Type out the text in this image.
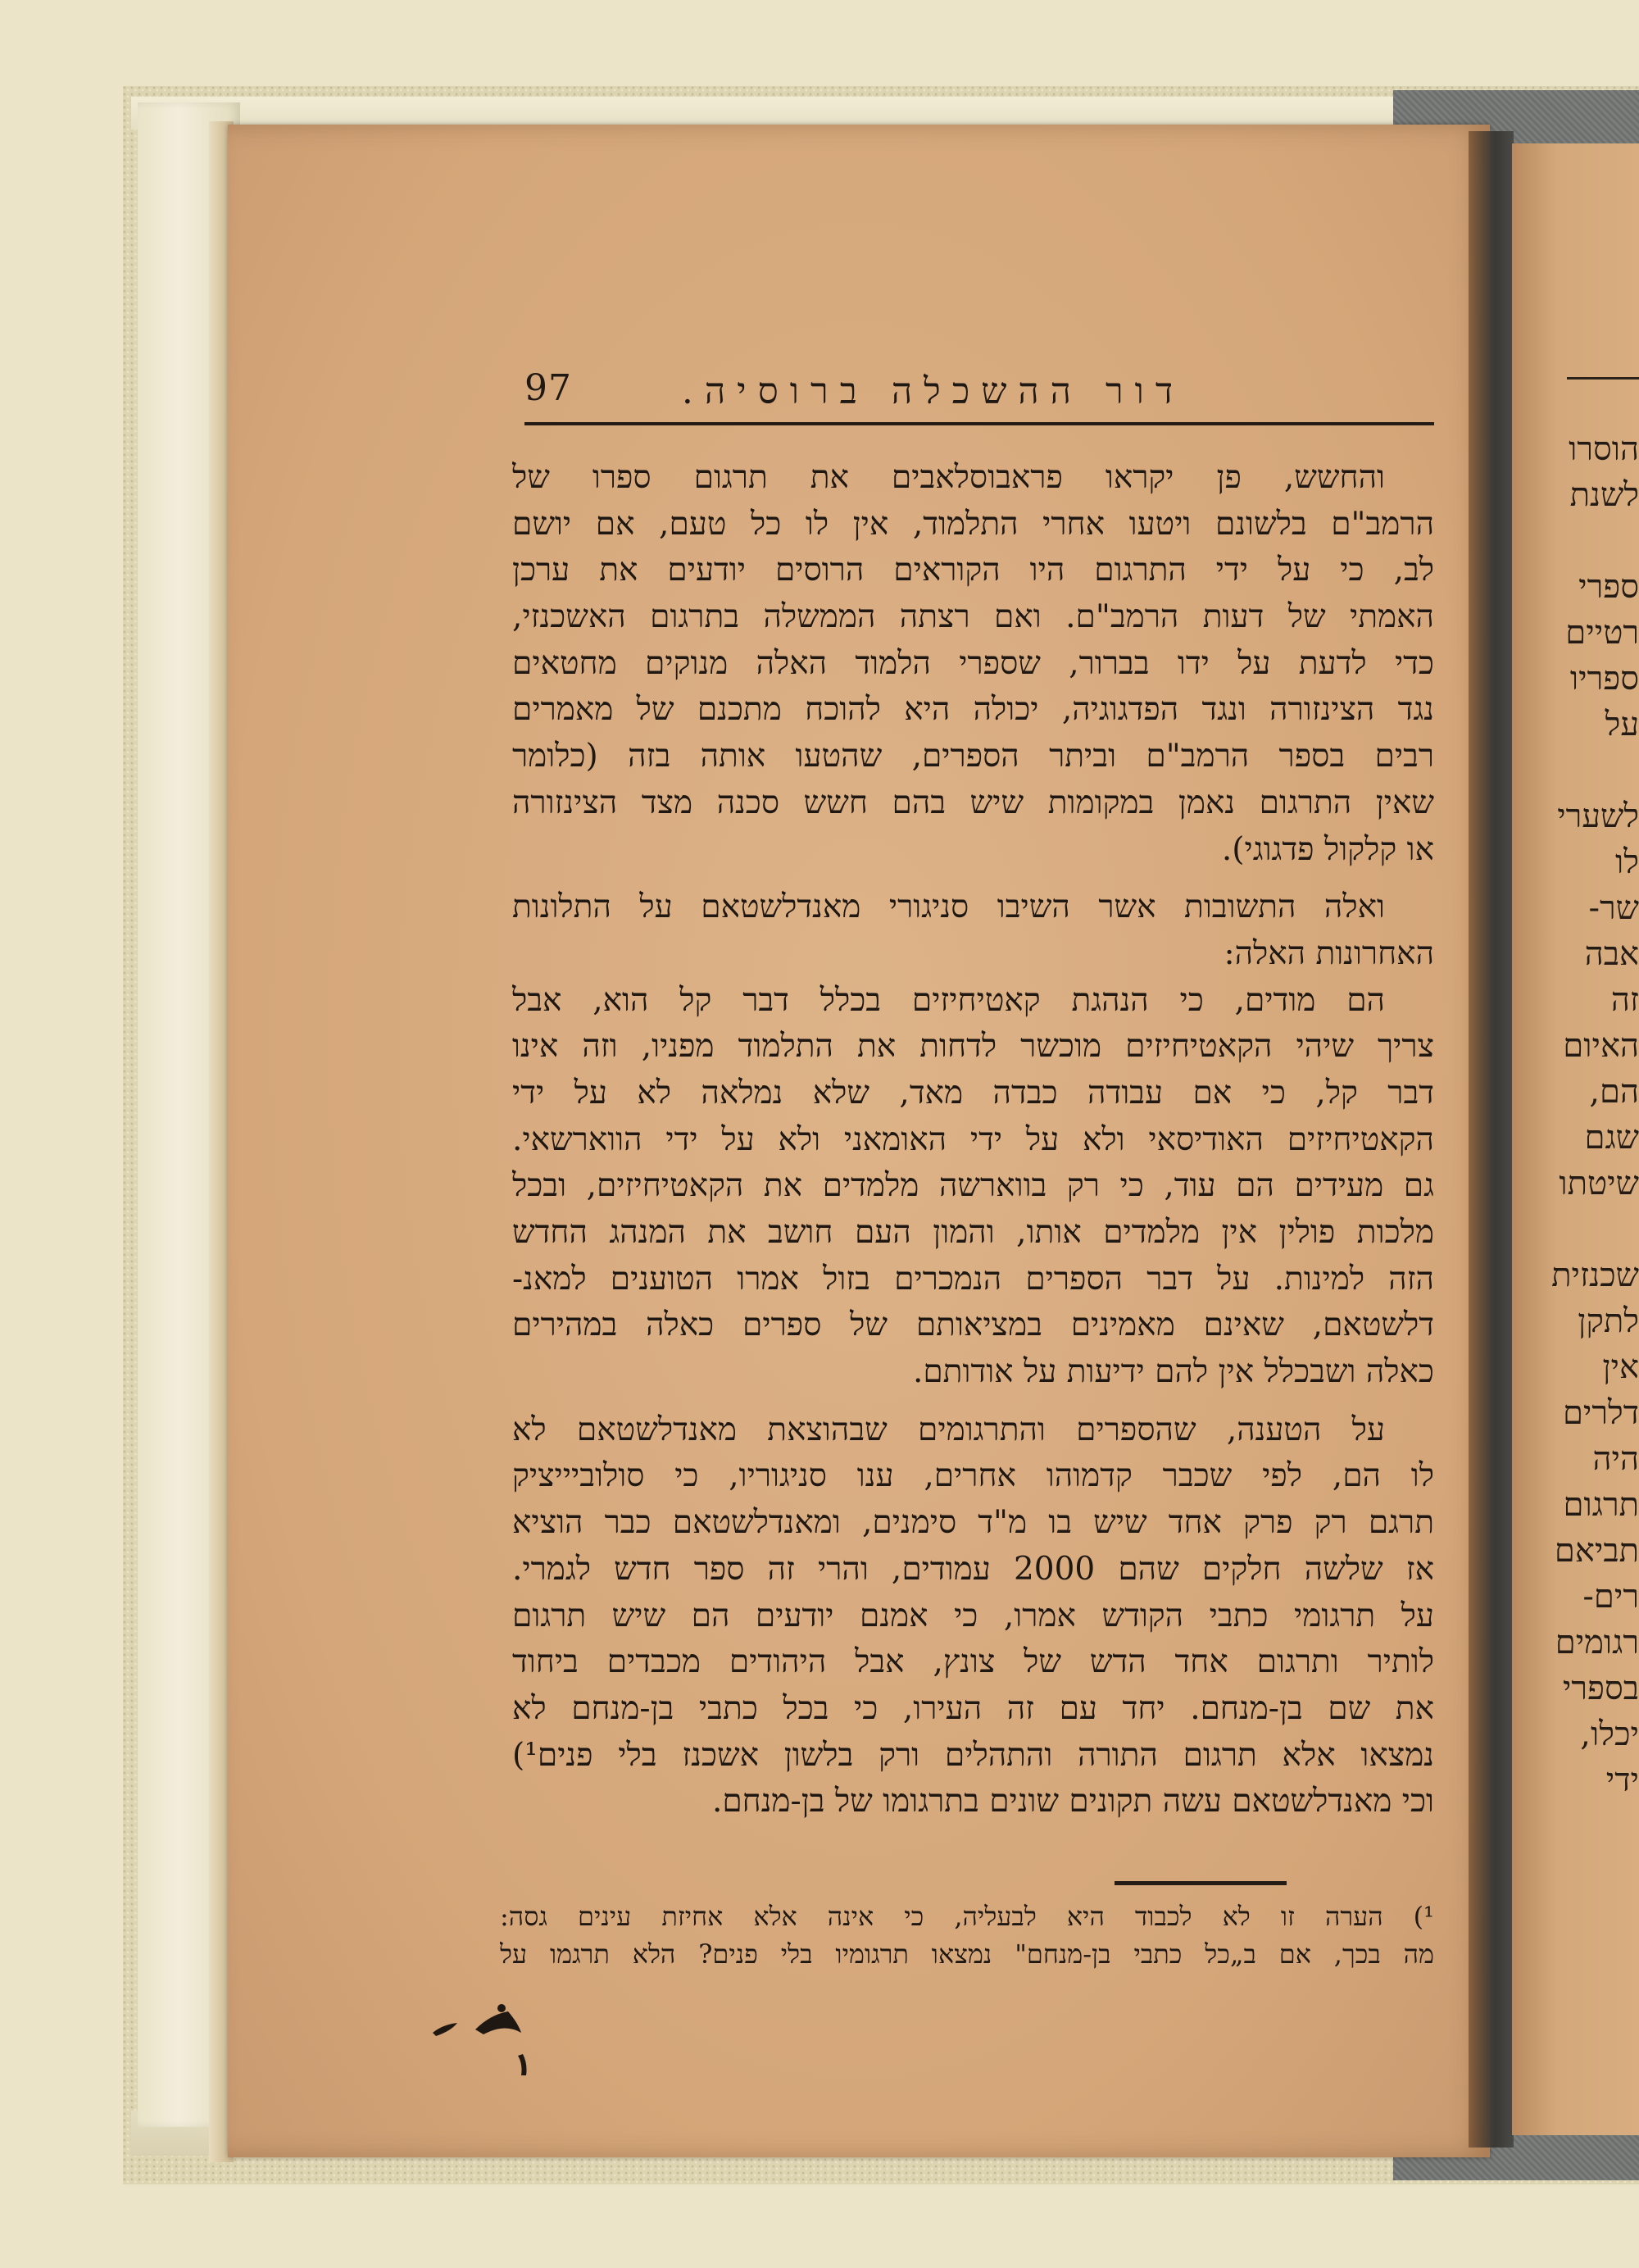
הוסרו
לשנת
ספרי
רטיים
ספריו
על
לשערי
לו
שר-
אבה
זה
האיום
הם,
שגם
שיטתו
שכנזית
לתקן
אין
דלרים
היה
תרגום
תביאם
רים-
רגומים
בספרי
יכלו,
ידי
97	דור ההשכלה ברוסיה.
והחשש, פן יקראו פראבוסלאבים את תרגום ספרו של
הרמב"ם בלשונם ויטעו אחרי התלמוד, אין לו כל טעם, אם יושם
לב, כי על ידי התרגום היו הקוראים הרוסים יודעים את ערכן
האמתי של דעות הרמב"ם. ואם רצתה הממשלה בתרגום האשכנזי,
כדי לדעת על ידו בברור, שספרי הלמוד האלה מנוקים מחטאים
נגד הצינזורה ונגד הפדגוגיה, יכולה היא להוכח מתכנם של מאמרים
רבים בספר הרמב"ם וביתר הספרים, שהטעו אותה בזה (כלומר
שאין התרגום נאמן במקומות שיש בהם חשש סכנה מצד הצינזורה
או קלקול פדגוגי).
ואלה התשובות אשר השיבו סניגורי מאנדלשטאם על התלונות
האחרונות האלה:
הם מודים, כי הנהגת קאטיחיזים בכלל דבר קל הוא, אבל
צריך שיהי הקאטיחיזים מוכשר לדחות את התלמוד מפניו, וזה אינו
דבר קל, כי אם עבודה כבדה מאד, שלא נמלאה לא על ידי
הקאטיחיזים האודיסאי ולא על ידי האומאני ולא על ידי הווארשאי.
גם מעידים הם עוד, כי רק בווארשה מלמדים את הקאטיחיזים, ובכל
מלכות פולין אין מלמדים אותו, והמון העם חושב את המנהג החדש
הזה למינות. על דבר הספרים הנמכרים בזול אמרו הטוענים למאנ-
דלשטאם, שאינם מאמינים במציאותם של ספרים כאלה במהירים
כאלה ושבכלל אין להם ידיעות על אודותם.
על הטענה, שהספרים והתרגומים שבהוצאת מאנדלשטאם לא
לו הם, לפי שכבר קדמוהו אחרים, ענו סניגוריו, כי סולוביייציק
תרגם רק פרק אחד שיש בו מ"ד סימנים, ומאנדלשטאם כבר הוציא
אז שלשה חלקים שהם 2000 עמודים, והרי זה ספר חדש לגמרי.
על תרגומי כתבי הקודש אמרו, כי אמנם יודעים הם שיש תרגום
לותיר ותרגום אחד הדש של צונץ, אבל היהודים מכבדים ביחוד
את שם בן-מנחם. יחד עם זה העירו, כי בכל כתבי בן-מנחם לא
נמצאו אלא תרגום התורה והתהלים ורק בלשון אשכנז בלי פנים¹)
וכי מאנדלשטאם עשה תקונים שונים בתרגומו של בן-מנחם.
¹) הערה זו לא לכבוד היא לבעליה, כי אינה אלא אחיזת עינים גסה:
מה בכך, אם ב„כל כתבי בן-מנחם" נמצאו תרגומיו בלי פנים? הלא תרגמו על
